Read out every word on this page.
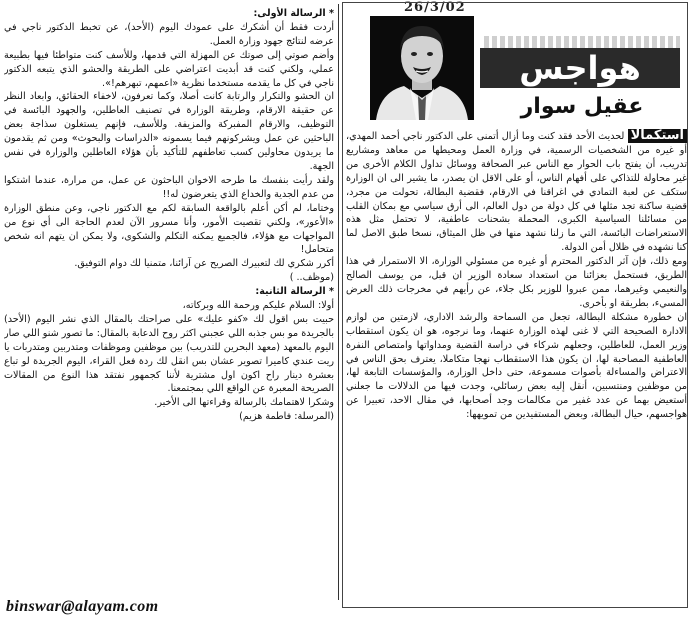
26/3/02

* الرسالة الأولى:

أردت فقط أن أشكرك على عمودك اليوم (الأحد)، عن تخبط الدكتور ناجي في عرضه لنتائج جهود وزارة العمل.

وأضم صوتي إلى صوتك عن المهزلة التي قدمها، وللأسف كنت متواطئا فيها بطبيعة عملي، ولكني كنت قد أبديت اعتراضي على الطريقة والحشو الذي يتبعه الدكتور ناجي في كل ما يقدمه مستخدما نظرية «اعمهم، تبهرهم!».

ان الحشو والتكرار والرتابة كانت أصلا، وكما تعرفون، لاخفاء الحقائق، وابعاد النظر عن حقيقة الارقام، وطريقة الوزارة في تصنيف العاطلين، والجهود البائسة في التوظيف، والارقام المفبركة والمزيفة. وللأسف، فإنهم يستغلون سذاجة بعض الباحثين عن عمل ويشركونهم فيما يسمونه «الدراسات والبحوث» ومن ثم يقدمون ما يريدون محاولين كسب تعاطفهم للتأكيد بأن هؤلاء العاطلين والوزارة في نفس الجهة.

ولقد رأيت بنفسك ما طرحه الاخوان الباحثون عن عمل، من مرارة، عندما اشتكوا من عدم الجدية والخداع الذي يتعرضون له!!

وختاما، لم أكن أعلم بالواقعة السابقة لكم مع الدكتور ناجي، وعن منطق الوزارة «الأعور»، ولكني تقصيت الأمور، وأنا مسرور الآن لعدم الحاجة الى أي نوع من المواجهات مع هؤلاء، فالجميع يمكنه التكلم والشكوى، ولا يمكن ان يتهم انه شخص متحامل!

أكرر شكري لك لتعبيرك الصريح عن آرائنا، متمنيا لك دوام التوفيق.

(موظف.. )

* الرسالة الثانية:

أولا: السلام عليكم ورحمة الله وبركاته،

حبيت بس اقول لك «كفو عليك» على صراحتك بالمقال الذي نشر اليوم (الأحد) بالجريدة مو بس جذبه اللي عجبني اكثر روح الدعابة بالمقال: ما تصور شنو اللي صار اليوم بالمعهد (معهد البحرين للتدريب) بين موظفين وموظفات ومتدربين ومتدربات يا ريت عندي كاميرا تصوير عشان بس انقل لك ردة فعل القراء، اليوم الجريدة لو تباع بعشرة دينار راح اكون اول مشترية لأننا كجمهور نفتقد هذا النوع من المقالات الصريحة المعبرة عن الواقع اللي بمجتمعنا.

وشكرا لاهتمامك بالرسالة وقراءتها الى الأخير.

(المرسلة: فاطمة هزيم)

هواجس
عقيل سوار

استكمالا لحديث الأحد فقد كنت وما أزال أتمنى على الدكتور ناجي أحمد المهدي، أو غيره من الشخصيات الرسمية، في وزارة العمل ومحيطها من معاهد ومشاريع تدريب، أن يفتح باب الحوار مع الناس عبر الصحافة ووسائل تداول الكلام الأخرى من غير محاولة للتذاكي على أفهام الناس، أو على الاقل ان يصدر، ما يشير الى ان الوزارة ستكف عن لعبة التمادي في اغراقنا في الارقام، فقضية البطالة، تحولت من مجرد، قضية ساكنة تجد مثلها في كل دولة من دول العالم، الى أرق سياسي مع بمكان القلب من مسائلنا السياسية الكبرى، المحملة بشحنات عاطفية، لا تحتمل مثل هذه الاستعراضات البائسة، التي ما زلنا نشهد منها في ظل الميثاق، نسخا طبق الاصل لما كنا نشهده في ظلال أمن الدولة.

ومع ذلك، فإن آثر الدكتور المحترم أو غيره من مسئولي الوزارة، الا الاستمرار في هذا الطريق، فستحمل بعزائنا من استعداد سعادة الوزير ان قبل، من يوسف الصالح والنعيمي وغيرهما، ممن عبروا للوزير بكل جلاء، عن رأيهم في مخرجات ذلك العرض المسيء، بطريقة او بأخرى.

ان خطورة مشكلة البطالة، تجعل من السماحة والرشد الاداري، لازمتين من لوازم الادارة الصحيحة التي لا غنى لهذه الوزارة عنهما، وما نرجوه، هو ان يكون استقطاب وزير العمل، للعاطلين، وجعلهم شركاء في دراسة القضية ومداواتها وامتصاص النفرة العاطفية المصاحبة لها، ان يكون هذا الاستقطاب نهجا متكاملا، يعترف بحق الناس في الاعتراض والمساءلة بأصوات مسموعة، حتى داخل الوزارة، والمؤسسات التابعة لها، من موظفين ومنتسبين، أنقل إليه بعض رسائلي، وجدت فيها من الدلالات ما جعلني أستعيض بهما عن عدد غفير من مكالمات وجد أصحابها، في مقال الاحد، تعبيرا عن هواجسهم، حيال البطالة، وبعض المستفيدين من تمويهها:

binswar@alayam.com
